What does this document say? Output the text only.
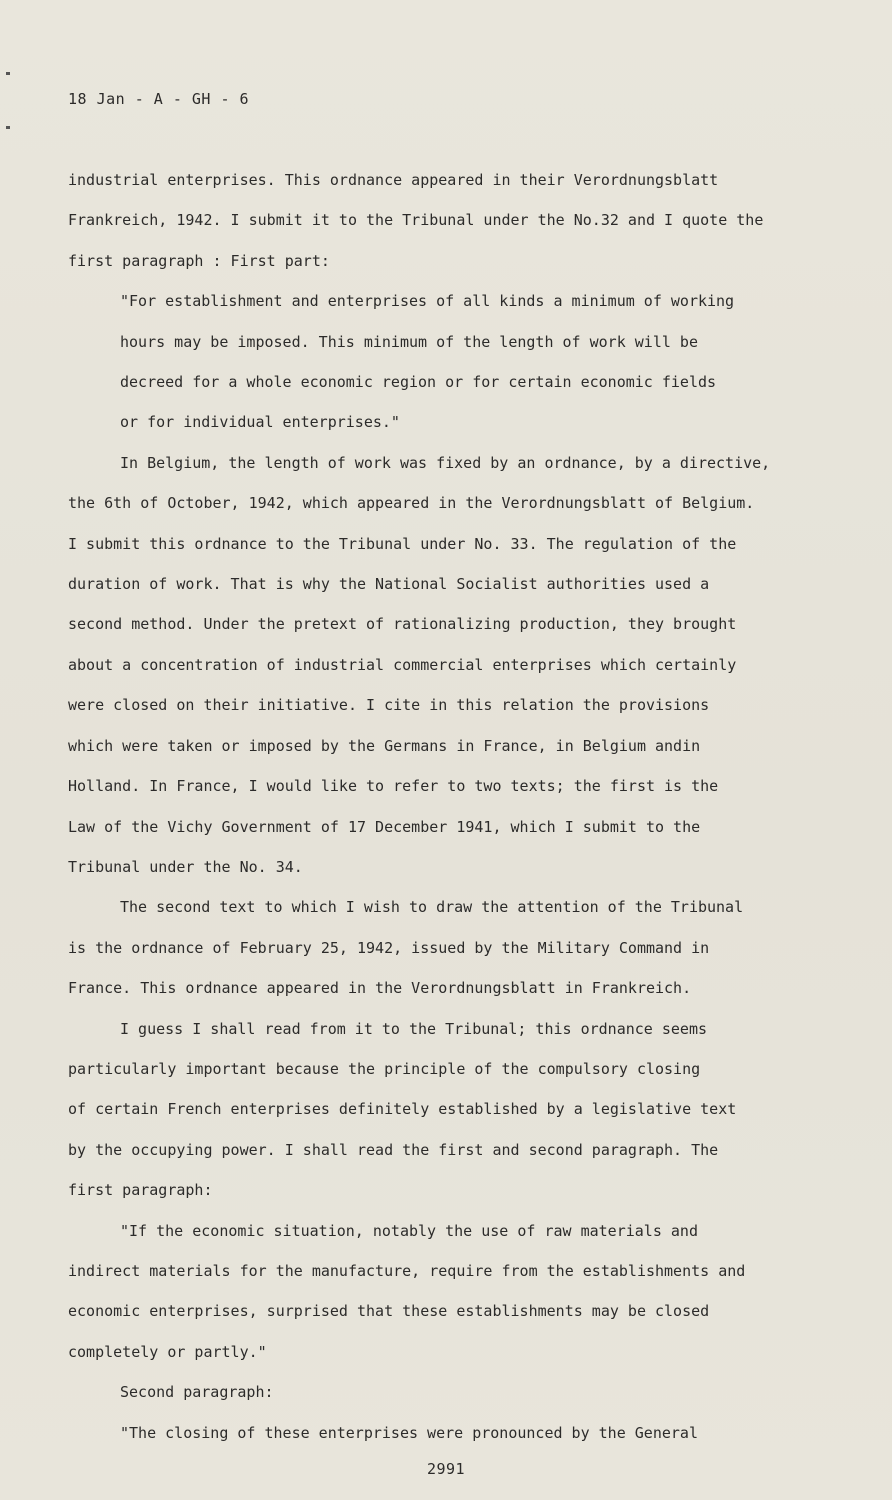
18 Jan - A - GH - 6
industrial enterprises. This ordnance appeared in their Verordnungsblatt
Frankreich, 1942. I submit it to the Tribunal under the No.32 and I quote the
first paragraph : First part:
"For establishment and enterprises of all kinds a minimum of working
hours may be imposed. This minimum of the length of work will be
decreed for a whole economic region or for certain economic fields
or for individual enterprises."
In Belgium, the length of work was fixed by an ordnance, by a directive,
the 6th of October, 1942, which appeared in the Verordnungsblatt of Belgium.
I submit this ordnance to the Tribunal under No. 33. The regulation of the
duration of work. That is why the National Socialist authorities used a
second method. Under the pretext of rationalizing production, they brought
about a concentration of industrial commercial enterprises which certainly
were closed on their initiative. I cite in this relation the provisions
which were taken or imposed by the Germans in France, in Belgium andin
Holland. In France, I would like to refer to two texts; the first is the
Law of the Vichy Government of 17 December 1941, which I submit to the
Tribunal under the No. 34.
The second text to which I wish to draw the attention of the Tribunal
is the ordnance of February 25, 1942, issued by the Military Command in
France. This ordnance appeared in the Verordnungsblatt in Frankreich.
I guess I shall read from it to the Tribunal; this ordnance seems
particularly important because the principle of the compulsory closing
of certain French enterprises definitely established by a legislative text
by the occupying power. I shall read the first and second paragraph. The
first paragraph:
"If the economic situation, notably the use of raw materials and
indirect materials for the manufacture, require from the establishments and
economic enterprises, surprised that these establishments may be closed
completely or partly."
Second paragraph:
"The closing of these enterprises were pronounced by the General
2991
